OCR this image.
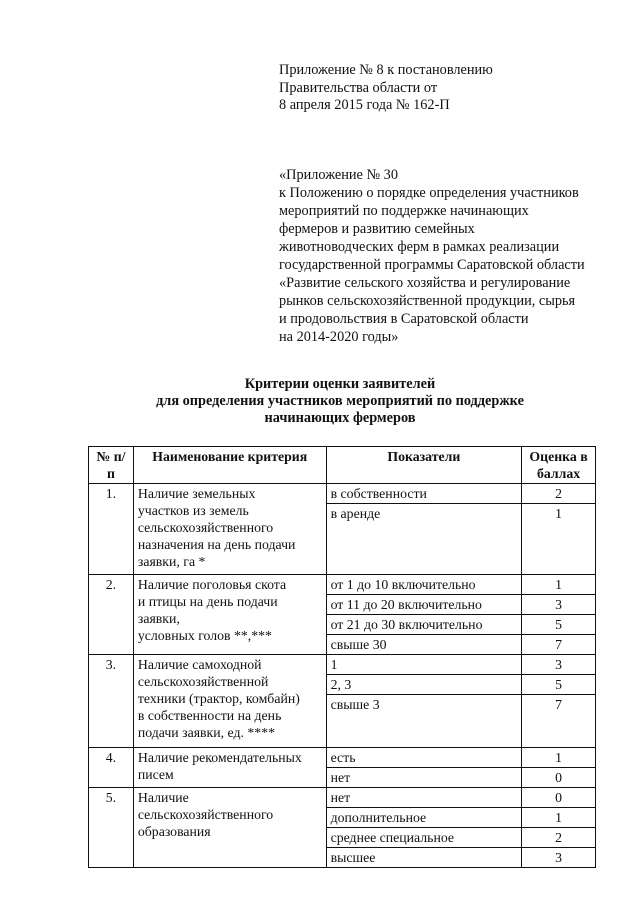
Приложение № 8 к постановлению
Правительства области от
8 апреля 2015 года № 162-П
«Приложение № 30
к Положению о порядке определения участников
мероприятий по поддержке начинающих
фермеров и развитию семейных
животноводческих ферм в рамках реализации
государственной программы Саратовской области
«Развитие сельского хозяйства и регулирование
рынков сельскохозяйственной продукции, сырья
и продовольствия в Саратовской области
на 2014-2020 годы»
Критерии оценки заявителей
для определения участников мероприятий по поддержке
начинающих фермеров
№ п/п	Наименование критерия	Показатели	Оценка в баллах
1.	Наличие земельных
участков из земель
сельскохозяйственного
назначения на день подачи
заявки, га *	в собственности	2
		в аренде	1
2.	Наличие поголовья скота
и птицы на день подачи заявки,
условных голов **,***	от 1 до 10 включительно	1
		от 11 до 20 включительно	3
		от 21 до 30 включительно	5
		свыше 30	7
3.	Наличие самоходной
сельскохозяйственной
техники (трактор, комбайн)
в собственности на день
подачи заявки, ед. ****	1	3
		2, 3	5
		свыше 3	7
4.	Наличие рекомендательных
писем	есть	1
		нет	0
5.	Наличие
сельскохозяйственного
образования	нет	0
		дополнительное	1
		среднее специальное	2
		высшее	3
